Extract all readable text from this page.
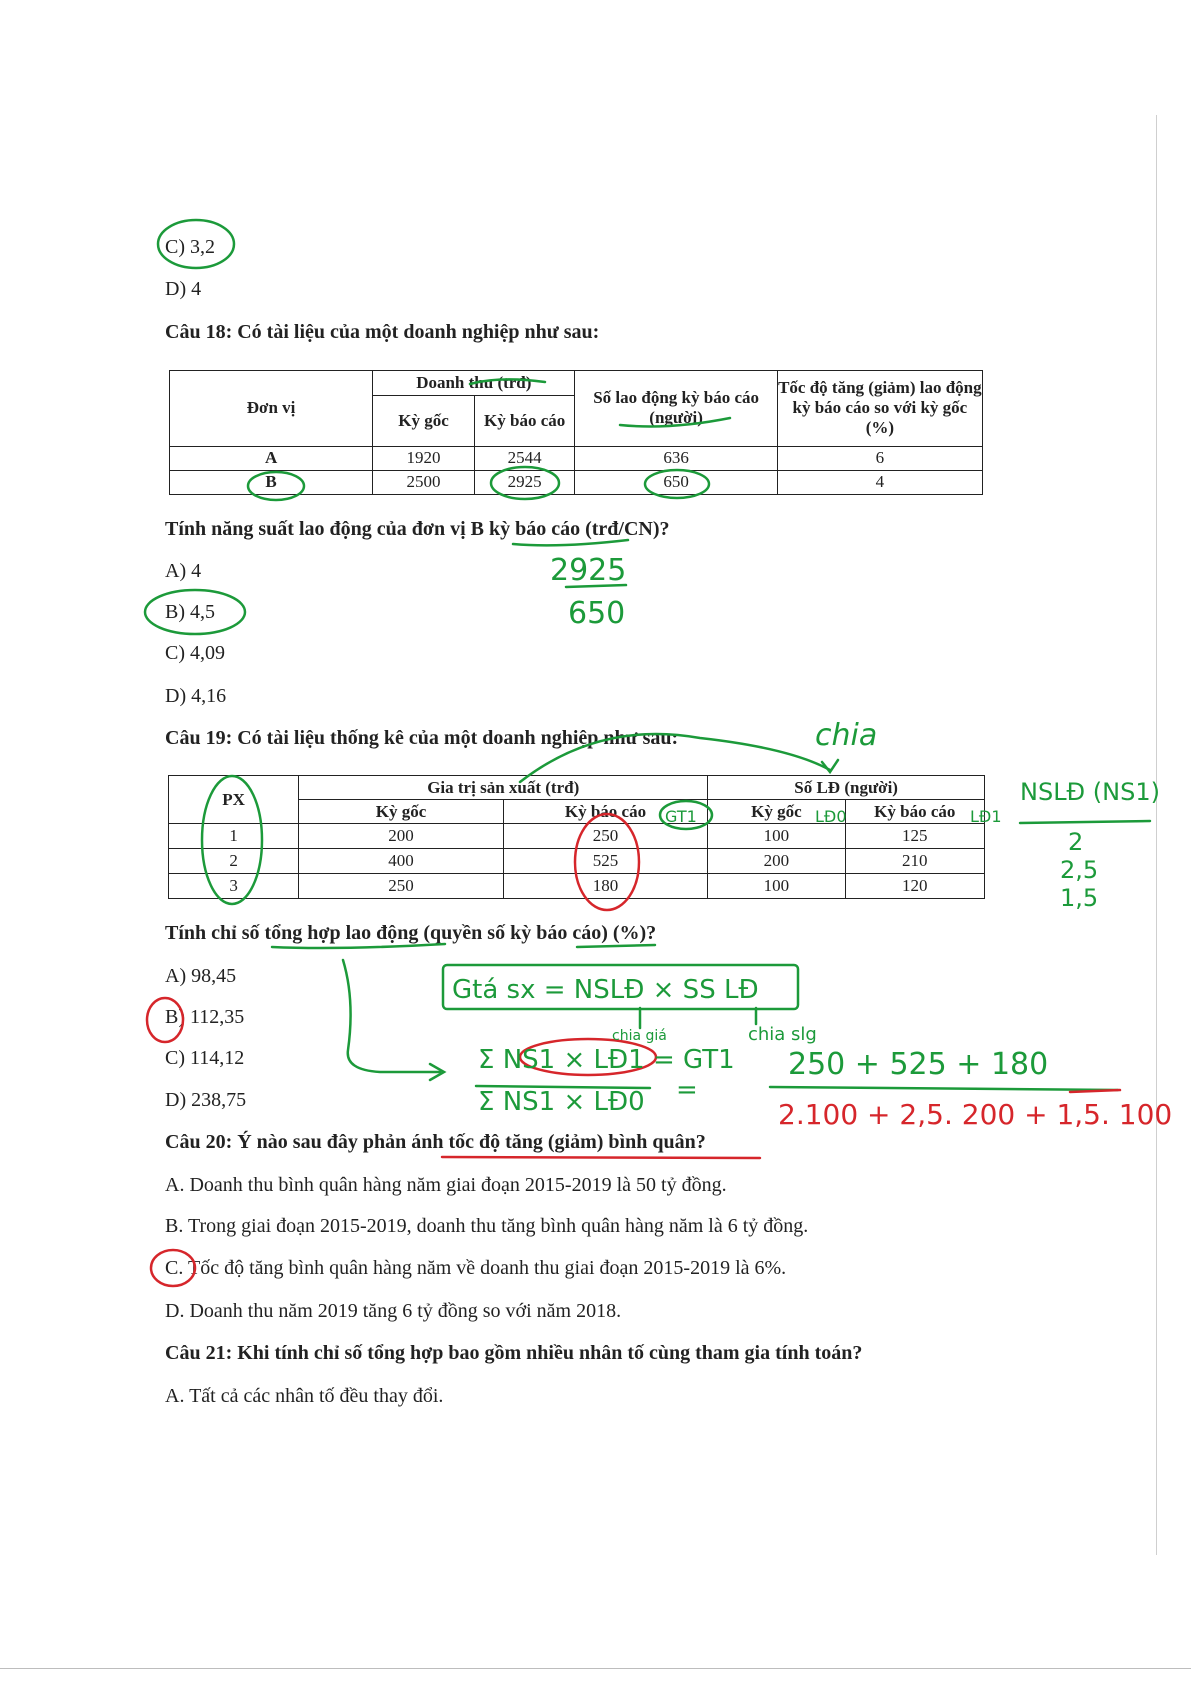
C) 3,2
D) 4
Câu 18: Có tài liệu của một doanh nghiệp như sau:
Đơn vị	Doanh thu (trđ)		Số lao động kỳ báo cáo (người)	Tốc độ tăng (giảm) lao động kỳ báo cáo so với kỳ gốc (%)
	Kỳ gốc	Kỳ báo cáo		
A	1920	2544	636	6
B	2500	2925	650	4
Tính năng suất lao động của đơn vị B kỳ báo cáo (trđ/CN)?
A) 4
B) 4,5
C) 4,09
D) 4,16
Câu 19: Có tài liệu thống kê của một doanh nghiệp như sau:
PX	Gia trị sản xuất (trđ)		Số LĐ (người)	
	Kỳ gốc	Kỳ báo cáo	Kỳ gốc	Kỳ báo cáo
1	200	250	100	125
2	400	525	200	210
3	250	180	100	120
Tính chỉ số tổng hợp lao động (quyền số kỳ báo cáo) (%)?
A) 98,45
B) 112,35
C) 114,12
D) 238,75
Câu 20: Ý nào sau đây phản ánh tốc độ tăng (giảm) bình quân?
A. Doanh thu bình quân hàng năm giai đoạn 2015-2019 là 50 tỷ đồng.
B. Trong giai đoạn 2015-2019, doanh thu tăng bình quân hàng năm là 6 tỷ đồng.
C. Tốc độ tăng bình quân hàng năm về doanh thu giai đoạn 2015-2019 là 6%.
D. Doanh thu năm 2019 tăng 6 tỷ đồng so với năm 2018.
Câu 21: Khi tính chỉ số tổng hợp bao gồm nhiều nhân tố cùng tham gia tính toán?
A. Tất cả các nhân tố đều thay đổi.
2925
650
chia
GT1	LĐ0	LĐ1
NSLĐ (NS1)
2
2,5
1,5
Gtá sx = NSLĐ × SS LĐ
chia giá	chia slg
Σ NS1 × LĐ1 = GT1
Σ NS1 × LĐ0 =
250 + 525 + 180
2.100 + 2,5. 200 + 1,5. 100
